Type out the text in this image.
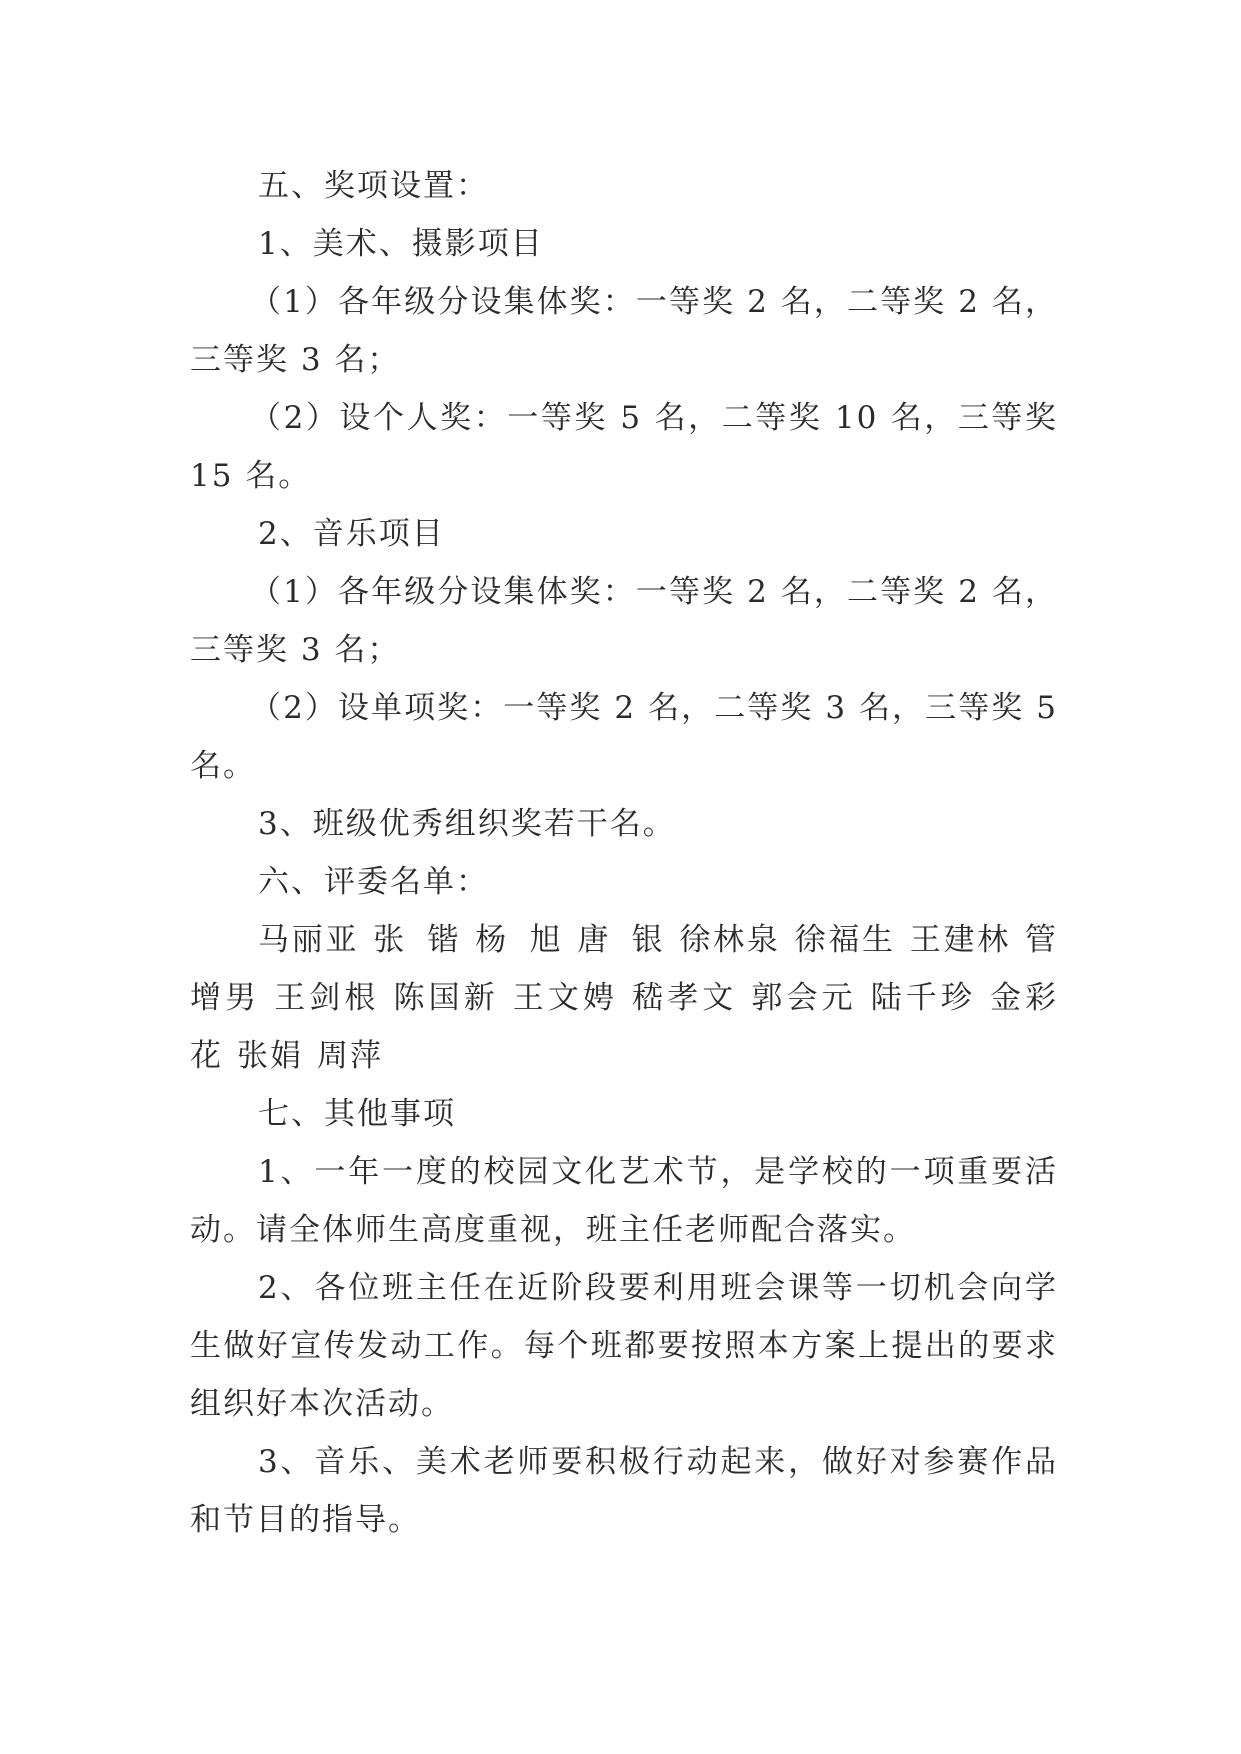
五、奖项设置：

1、美术、摄影项目

（1）各年级分设集体奖：一等奖 2 名，二等奖 2 名，三等奖 3 名；

（2）设个人奖：一等奖 5 名，二等奖 10 名，三等奖 15 名。

2、音乐项目

（1）各年级分设集体奖：一等奖 2 名，二等奖 2 名，三等奖 3 名；

（2）设单项奖：一等奖 2 名，二等奖 3 名，三等奖 5 名。

3、班级优秀组织奖若干名。

六、评委名单：

马丽亚 张 锴 杨 旭 唐 银 徐林泉 徐福生 王建林 管增男 王剑根 陈国新 王文娉 嵇孝文 郭会元 陆千珍 金彩花 张娟 周萍

七、其他事项

1、一年一度的校园文化艺术节，是学校的一项重要活动。请全体师生高度重视，班主任老师配合落实。

2、各位班主任在近阶段要利用班会课等一切机会向学生做好宣传发动工作。每个班都要按照本方案上提出的要求组织好本次活动。

3、音乐、美术老师要积极行动起来，做好对参赛作品和节目的指导。
